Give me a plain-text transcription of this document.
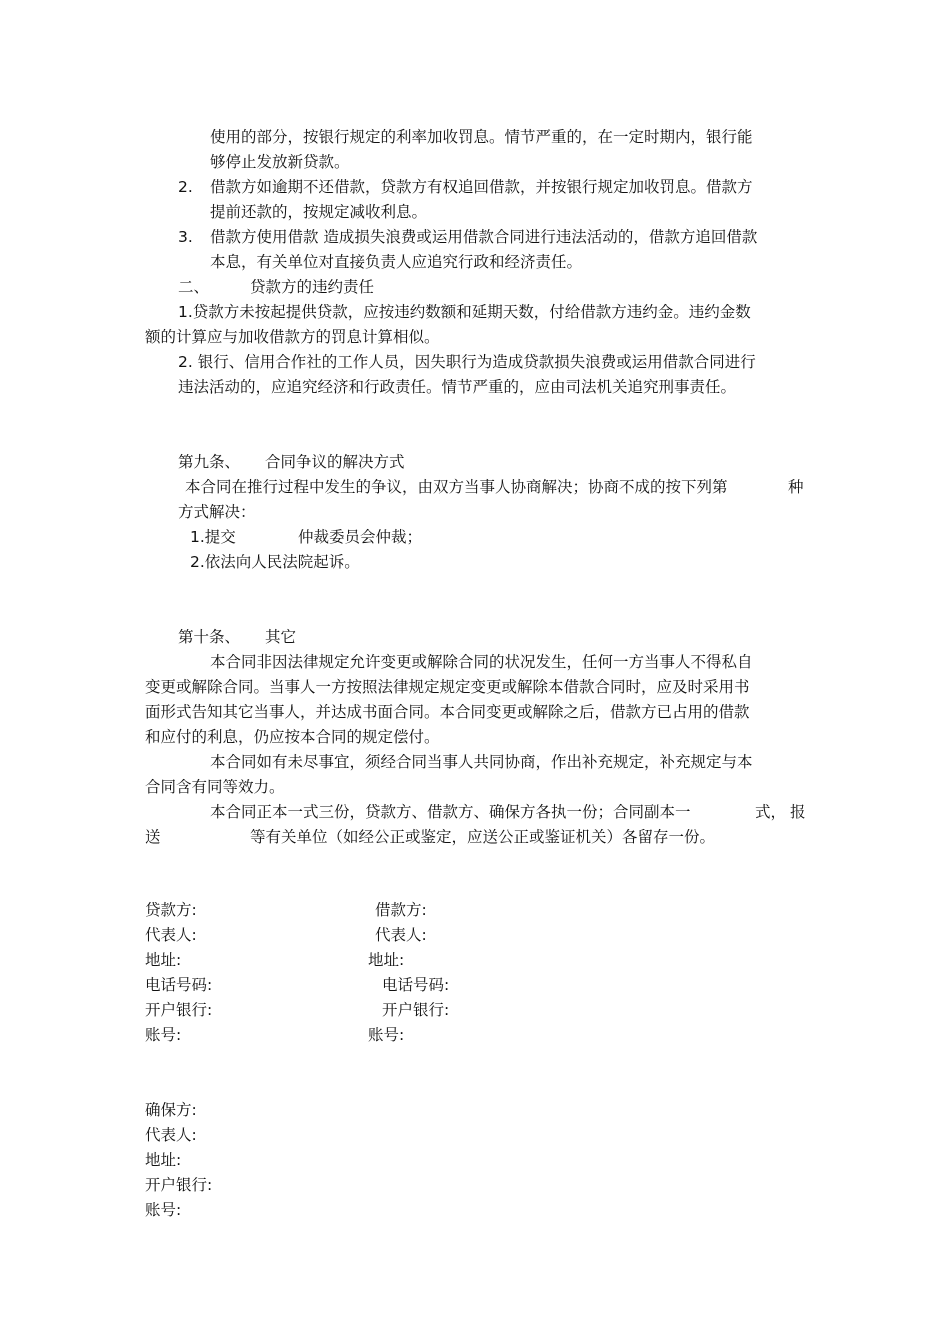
使用的部分，按银行规定的利率加收罚息。情节严重的，在一定时期内，银行能
够停止发放新贷款。
2. 借款方如逾期不还借款，贷款方有权追回借款，并按银行规定加收罚息。借款方
提前还款的，按规定减收利息。
3. 借款方使用借款 造成损失浪费或运用借款合同进行违法活动的，借款方追回借款
本息，有关单位对直接负责人应追究行政和经济责任。
二、	贷款方的违约责任
1.贷款方未按起提供贷款，应按违约数额和延期天数，付给借款方违约金。违约金数
额的计算应与加收借款方的罚息计算相似。
2. 银行、信用合作社的工作人员，因失职行为造成贷款损失浪费或运用借款合同进行
违法活动的，应追究经济和行政责任。情节严重的，应由司法机关追究刑事责任。
第九条、 合同争议的解决方式
本合同在推行过程中发生的争议，由双方当事人协商解决；协商不成的按下列第	种
方式解决：
1.提交	仲裁委员会仲裁；
2.依法向人民法院起诉。
第十条、 其它
本合同非因法律规定允许变更或解除合同的状况发生，任何一方当事人不得私自
变更或解除合同。当事人一方按照法律规定规定变更或解除本借款合同时，应及时采用书
面形式告知其它当事人，并达成书面合同。本合同变更或解除之后，借款方已占用的借款
和应付的利息，仍应按本合同的规定偿付。
本合同如有未尽事宜，须经合同当事人共同协商，作出补充规定，补充规定与本
合同含有同等效力。
本合同正本一式三份，贷款方、借款方、确保方各执一份；合同副本一	式， 报
送	等有关单位（如经公正或鉴定，应送公正或鉴证机关）各留存一份。
贷款方:	借款方:
代表人:	代表人:
地址:	地址:
电话号码:	电话号码:
开户银行:	开户银行:
账号:	账号:
确保方:
代表人:
地址:
开户银行:
账号:
